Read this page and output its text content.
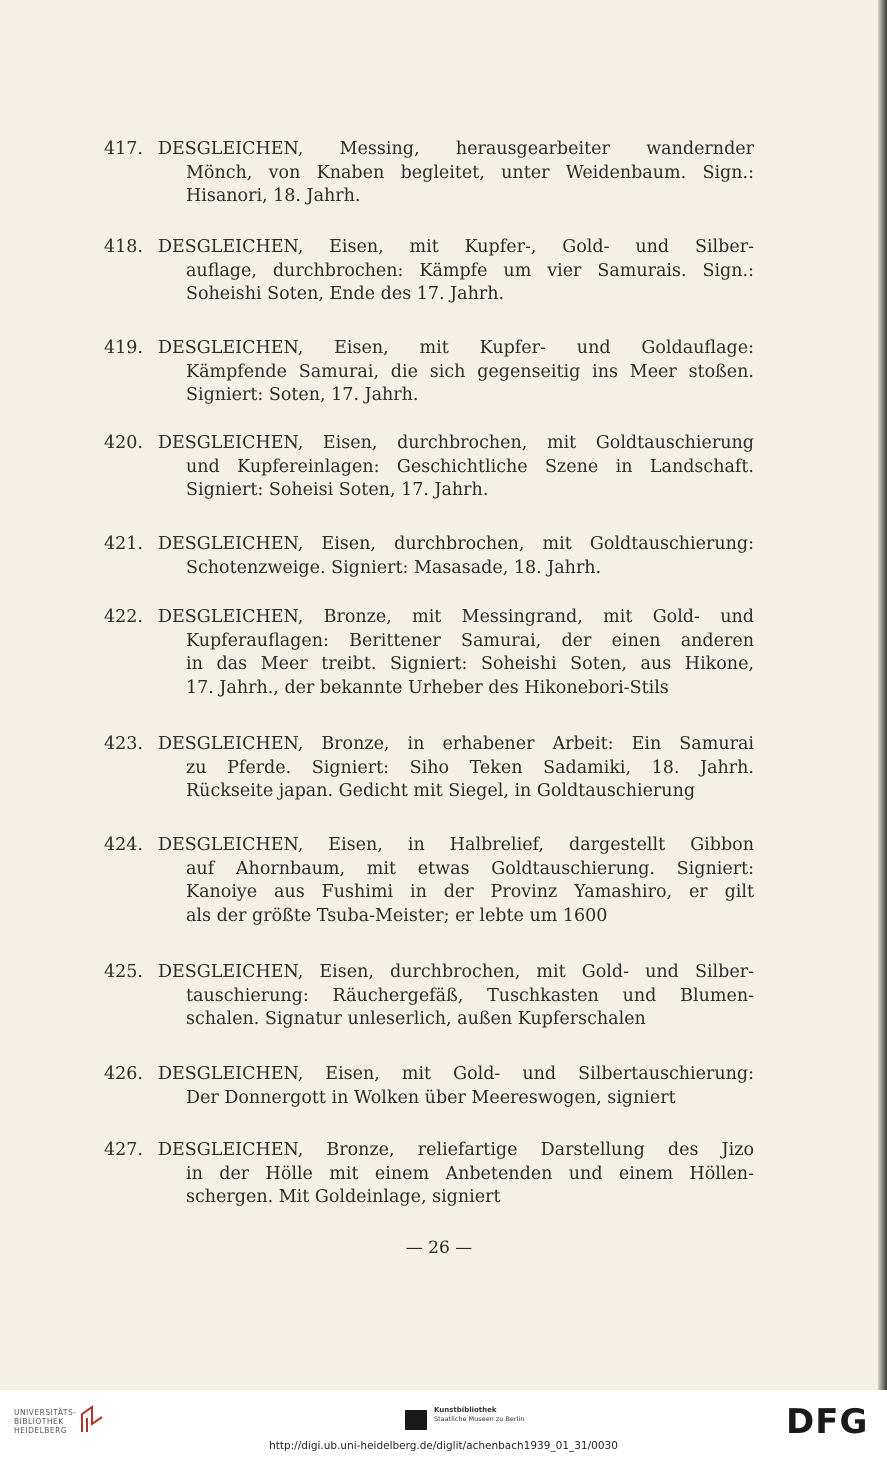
417. DESGLEICHEN, Messing, herausgearbeiter wandernder
Mönch, von Knaben begleitet, unter Weidenbaum. Sign.:
Hisanori, 18. Jahrh.
418. DESGLEICHEN, Eisen, mit Kupfer-, Gold- und Silber-
auflage, durchbrochen: Kämpfe um vier Samurais. Sign.:
Soheishi Soten, Ende des 17. Jahrh.
419. DESGLEICHEN, Eisen, mit Kupfer- und Goldauflage:
Kämpfende Samurai, die sich gegenseitig ins Meer stoßen.
Signiert: Soten, 17. Jahrh.
420. DESGLEICHEN, Eisen, durchbrochen, mit Goldtauschierung
und Kupfereinlagen: Geschichtliche Szene in Landschaft.
Signiert: Soheisi Soten, 17. Jahrh.
421. DESGLEICHEN, Eisen, durchbrochen, mit Goldtauschierung:
Schotenzweige. Signiert: Masasade, 18. Jahrh.
422. DESGLEICHEN, Bronze, mit Messingrand, mit Gold- und
Kupferauflagen: Berittener Samurai, der einen anderen
in das Meer treibt. Signiert: Soheishi Soten, aus Hikone,
17. Jahrh., der bekannte Urheber des Hikonebori-Stils
423. DESGLEICHEN, Bronze, in erhabener Arbeit: Ein Samurai
zu Pferde. Signiert: Siho Teken Sadamiki, 18. Jahrh.
Rückseite japan. Gedicht mit Siegel, in Goldtauschierung
424. DESGLEICHEN, Eisen, in Halbrelief, dargestellt Gibbon
auf Ahornbaum, mit etwas Goldtauschierung. Signiert:
Kanoiye aus Fushimi in der Provinz Yamashiro, er gilt
als der größte Tsuba-Meister; er lebte um 1600
425. DESGLEICHEN, Eisen, durchbrochen, mit Gold- und Silber-
tauschierung: Räuchergefäß, Tuschkasten und Blumen-
schalen. Signatur unleserlich, außen Kupferschalen
426. DESGLEICHEN, Eisen, mit Gold- und Silbertauschierung:
Der Donnergott in Wolken über Meereswogen, signiert
427. DESGLEICHEN, Bronze, reliefartige Darstellung des Jizo
in der Hölle mit einem Anbetenden und einem Höllen-
schergen. Mit Goldeinlage, signiert
— 26 —
UNIVERSITÄTS-
BIBLIOTHEK
HEIDELBERG
Kunstbibliothek
Staatliche Museen zu Berlin	DFG
http://digi.ub.uni-heidelberg.de/diglit/achenbach1939_01_31/0030
